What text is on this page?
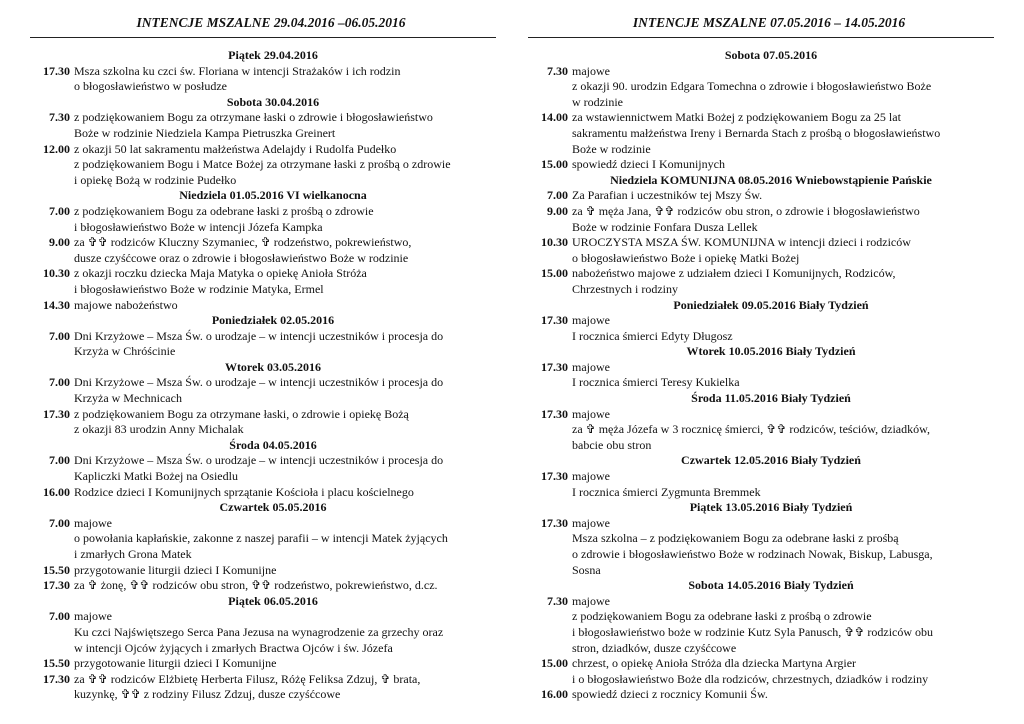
INTENCJE MSZALNE 29.04.2016 –06.05.2016
Piątek 29.04.2016
17.30 Msza szkolna ku czci św. Floriana w intencji Strażaków i ich rodzin
o błogosławieństwo w posłudze
Sobota 30.04.2016
7.30 z podziękowaniem Bogu za otrzymane łaski o zdrowie i błogosławieństwo
Boże w rodzinie Niedziela Kampa Pietruszka Greinert
12.00 z okazji 50 lat sakramentu małżeństwa Adelajdy i Rudolfa Pudełko
z podziękowaniem Bogu i Matce Bożej za otrzymane łaski z prośbą o zdrowie
i opiekę Bożą w rodzinie Pudełko
Niedziela 01.05.2016 VI wielkanocna
7.00 z podziękowaniem Bogu za odebrane łaski z prośbą o zdrowie
i błogosławieństwo Boże w intencji Józefa Kampka
9.00 za ✞✞ rodziców Kluczny Szymaniec, ✞ rodzeństwo, pokrewieństwo,
dusze czyśćcowe oraz o zdrowie i błogosławieństwo Boże w rodzinie
10.30 z okazji roczku dziecka Maja Matyka o opiekę Anioła Stróża
i błogosławieństwo Boże w rodzinie Matyka, Ermel
14.30 majowe nabożeństwo
Poniedziałek 02.05.2016
7.00 Dni Krzyżowe – Msza Św. o urodzaje – w intencji uczestników i procesja do
Krzyża w Chróścinie
Wtorek 03.05.2016
7.00 Dni Krzyżowe – Msza Św. o urodzaje – w intencji uczestników i procesja do
Krzyża w Mechnicach
17.30 z podziękowaniem Bogu za otrzymane łaski, o zdrowie i opiekę Bożą
z okazji 83 urodzin Anny Michalak
Środa 04.05.2016
7.00 Dni Krzyżowe – Msza Św. o urodzaje – w intencji uczestników i procesja do
Kapliczki Matki Bożej na Osiedlu
16.00 Rodzice dzieci I Komunijnych sprzątanie Kościoła i placu kościelnego
Czwartek 05.05.2016
7.00 majowe
o powołania kapłańskie, zakonne z naszej parafii – w intencji Matek żyjących
i zmarłych Grona Matek
15.50 przygotowanie liturgii dzieci I Komunijne
17.30 za ✞ żonę, ✞✞ rodziców obu stron, ✞✞ rodzeństwo, pokrewieństwo, d.cz.
Piątek 06.05.2016
7.00 majowe
Ku czci Najświętszego Serca Pana Jezusa na wynagrodzenie za grzechy oraz
w intencji Ojców żyjących i zmarłych Bractwa Ojców i św. Józefa
15.50 przygotowanie liturgii dzieci I Komunijne
17.30 za ✞✞ rodziców Elżbietę Herberta Filusz, Różę Feliksa Zdzuj, ✞ brata,
kuzynkę, ✞✞ z rodziny Filusz Zdzuj, dusze czyśćcowe
INTENCJE MSZALNE 07.05.2016 – 14.05.2016
Sobota 07.05.2016
7.30 majowe
z okazji 90. urodzin Edgara Tomechna o zdrowie i błogosławieństwo Boże
w rodzinie
14.00 za wstawiennictwem Matki Bożej z podziękowaniem Bogu za 25 lat
sakramentu małżeństwa Ireny i Bernarda Stach z prośbą o błogosławieństwo
Boże w rodzinie
15.00 spowiedź dzieci I Komunijnych
Niedziela KOMUNIJNA 08.05.2016 Wniebowstąpienie Pańskie
7.00 Za Parafian i uczestników tej Mszy Św.
9.00 za ✞ męża Jana, ✞✞ rodziców obu stron, o zdrowie i błogosławieństwo
Boże w rodzinie Fonfara Dusza Lellek
10.30 UROCZYSTA MSZA ŚW. KOMUNIJNA w intencji dzieci i rodziców
o błogosławieństwo Boże i opiekę Matki Bożej
15.00 nabożeństwo majowe z udziałem dzieci I Komunijnych, Rodziców,
Chrzestnych i rodziny
Poniedziałek 09.05.2016 Biały Tydzień
17.30 majowe
I rocznica śmierci Edyty Długosz
Wtorek 10.05.2016 Biały Tydzień
17.30 majowe
I rocznica śmierci Teresy Kukielka
Środa 11.05.2016 Biały Tydzień
17.30 majowe
za ✞ męża Józefa w 3 rocznicę śmierci, ✞✞ rodziców, teściów, dziadków,
babcie obu stron
Czwartek 12.05.2016 Biały Tydzień
17.30 majowe
I rocznica śmierci Zygmunta Bremmek
Piątek 13.05.2016 Biały Tydzień
17.30 majowe
Msza szkolna – z podziękowaniem Bogu za odebrane łaski z prośbą
o zdrowie i błogosławieństwo Boże w rodzinach Nowak, Biskup, Labusga,
Sosna
Sobota 14.05.2016 Biały Tydzień
7.30 majowe
z podziękowaniem Bogu za odebrane łaski z prośbą o zdrowie
i błogosławieństwo boże w rodzinie Kutz Syla Panusch, ✞✞ rodziców obu
stron, dziadków, dusze czyśćcowe
15.00 chrzest, o opiekę Anioła Stróża dla dziecka Martyna Argier
i o błogosławieństwo Boże dla rodziców, chrzestnych, dziadków i rodziny
16.00 spowiedź dzieci z rocznicy Komunii Św.
